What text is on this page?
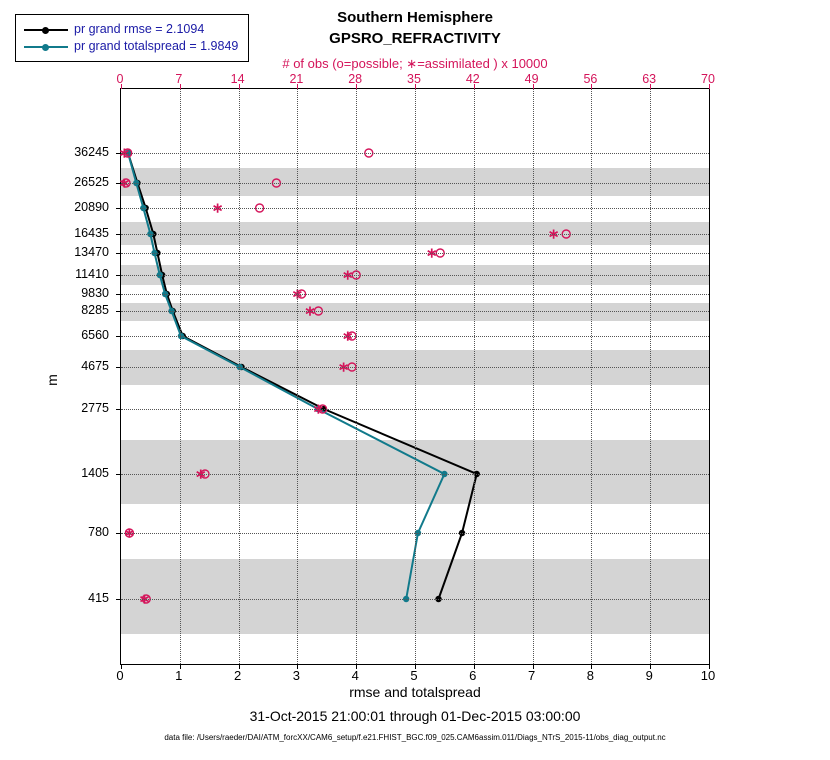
Southern Hemisphere
GPSRO_REFRACTIVITY
# of obs (o=possible; ∗=assimilated ) x 10000
m
∗
∗
∗
∗
∗
∗
∗
∗
∗
∗
∗
∗
∗
∗
rmse and totalspread
31-Oct-2015 21:00:01 through 01-Dec-2015 03:00:00
data file: /Users/raeder/DAI/ATM_forcXX/CAM6_setup/f.e21.FHIST_BGC.f09_025.CAM6assim.011/Diags_NTrS_2015-11/obs_diag_output.nc
pr grand rmse = 2.1094
pr grand totalspread = 1.9849
36245
26525
20890
16435
13470
11410
9830
8285
6560
4675
2775
1405
780
415
0	1	2	3	4	5	6	7	8	9	10
0	7	14	21	28	35	42	49	56	63	70
